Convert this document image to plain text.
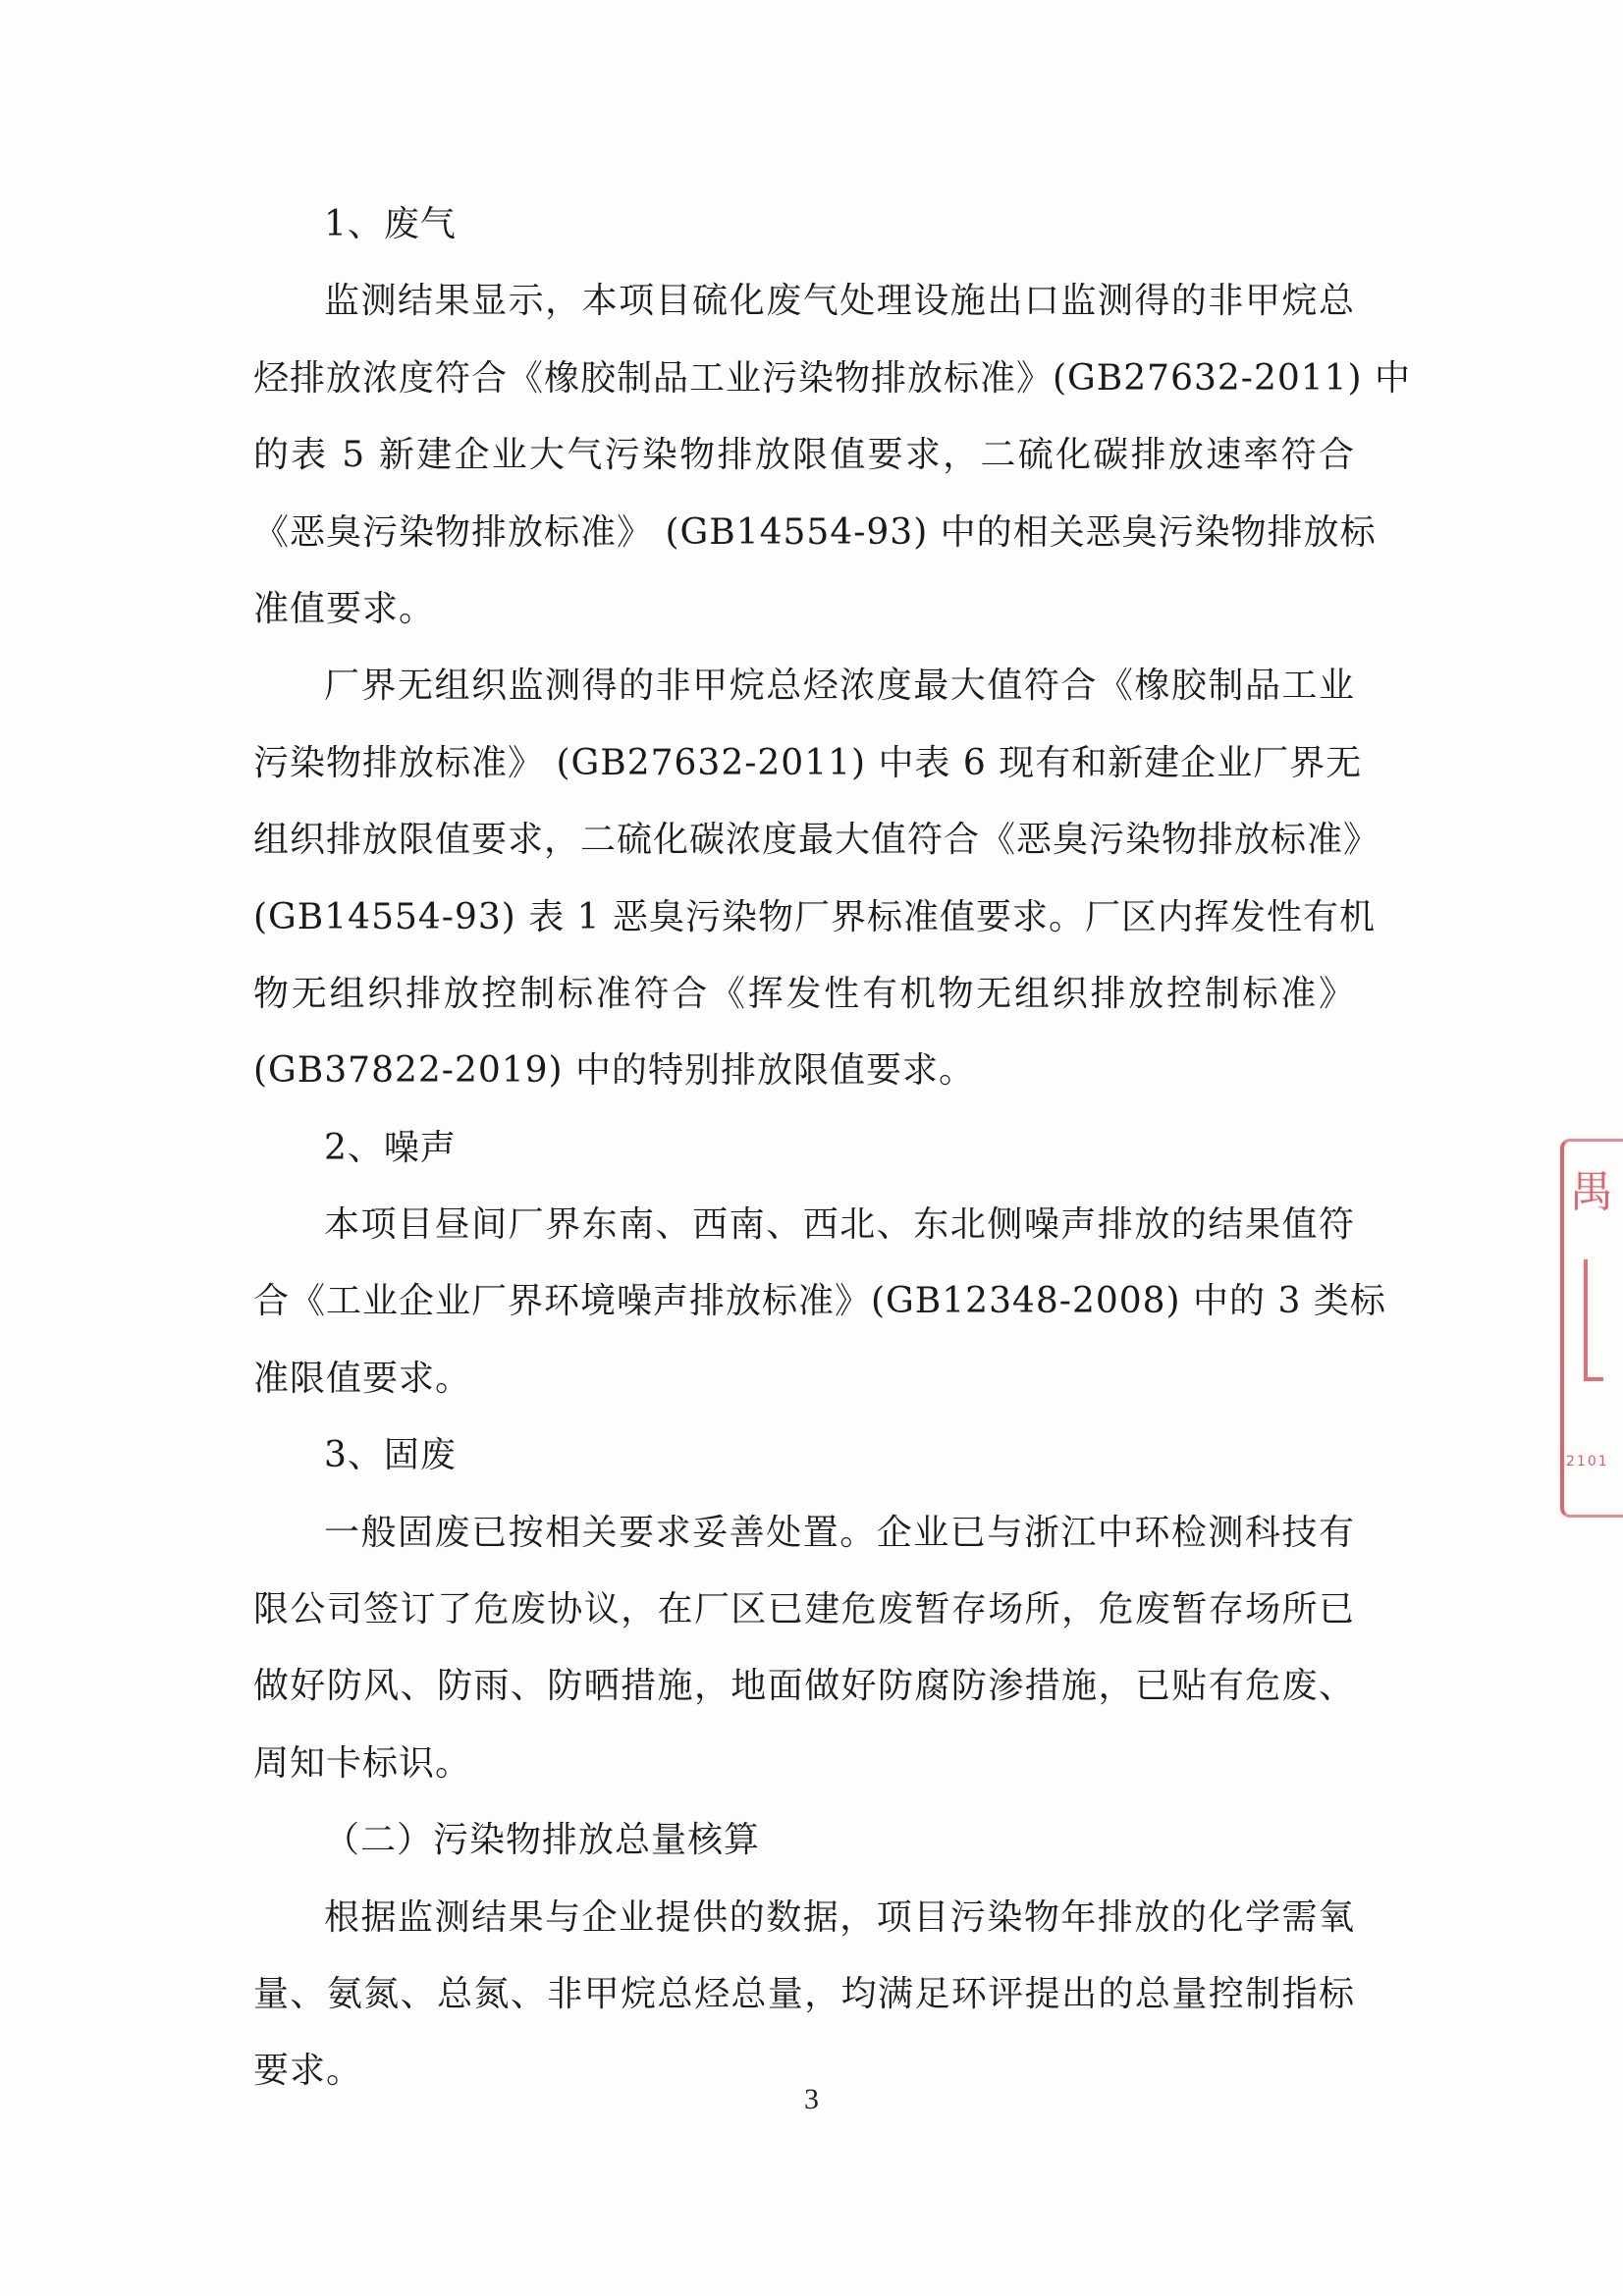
1、废气
监测结果显示，本项目硫化废气处理设施出口监测得的非甲烷总
烃排放浓度符合《橡胶制品工业污染物排放标准》(GB27632-2011) 中
的表 5 新建企业大气污染物排放限值要求，二硫化碳排放速率符合
《恶臭污染物排放标准》 (GB14554-93) 中的相关恶臭污染物排放标
准值要求。
厂界无组织监测得的非甲烷总烃浓度最大值符合《橡胶制品工业
污染物排放标准》 (GB27632-2011) 中表 6 现有和新建企业厂界无
组织排放限值要求，二硫化碳浓度最大值符合《恶臭污染物排放标准》
(GB14554-93) 表 1 恶臭污染物厂界标准值要求。厂区内挥发性有机
物无组织排放控制标准符合《挥发性有机物无组织排放控制标准》
(GB37822-2019) 中的特别排放限值要求。
2、噪声
本项目昼间厂界东南、西南、西北、东北侧噪声排放的结果值符
合《工业企业厂界环境噪声排放标准》(GB12348-2008) 中的 3 类标
准限值要求。
3、固废
一般固废已按相关要求妥善处置。企业已与浙江中环检测科技有
限公司签订了危废协议，在厂区已建危废暂存场所，危废暂存场所已
做好防风、防雨、防晒措施，地面做好防腐防渗措施，已贴有危废、
周知卡标识。
（二）污染物排放总量核算
根据监测结果与企业提供的数据，项目污染物年排放的化学需氧
量、氨氮、总氮、非甲烷总烃总量，均满足环评提出的总量控制指标
要求。
3
禺
2101
